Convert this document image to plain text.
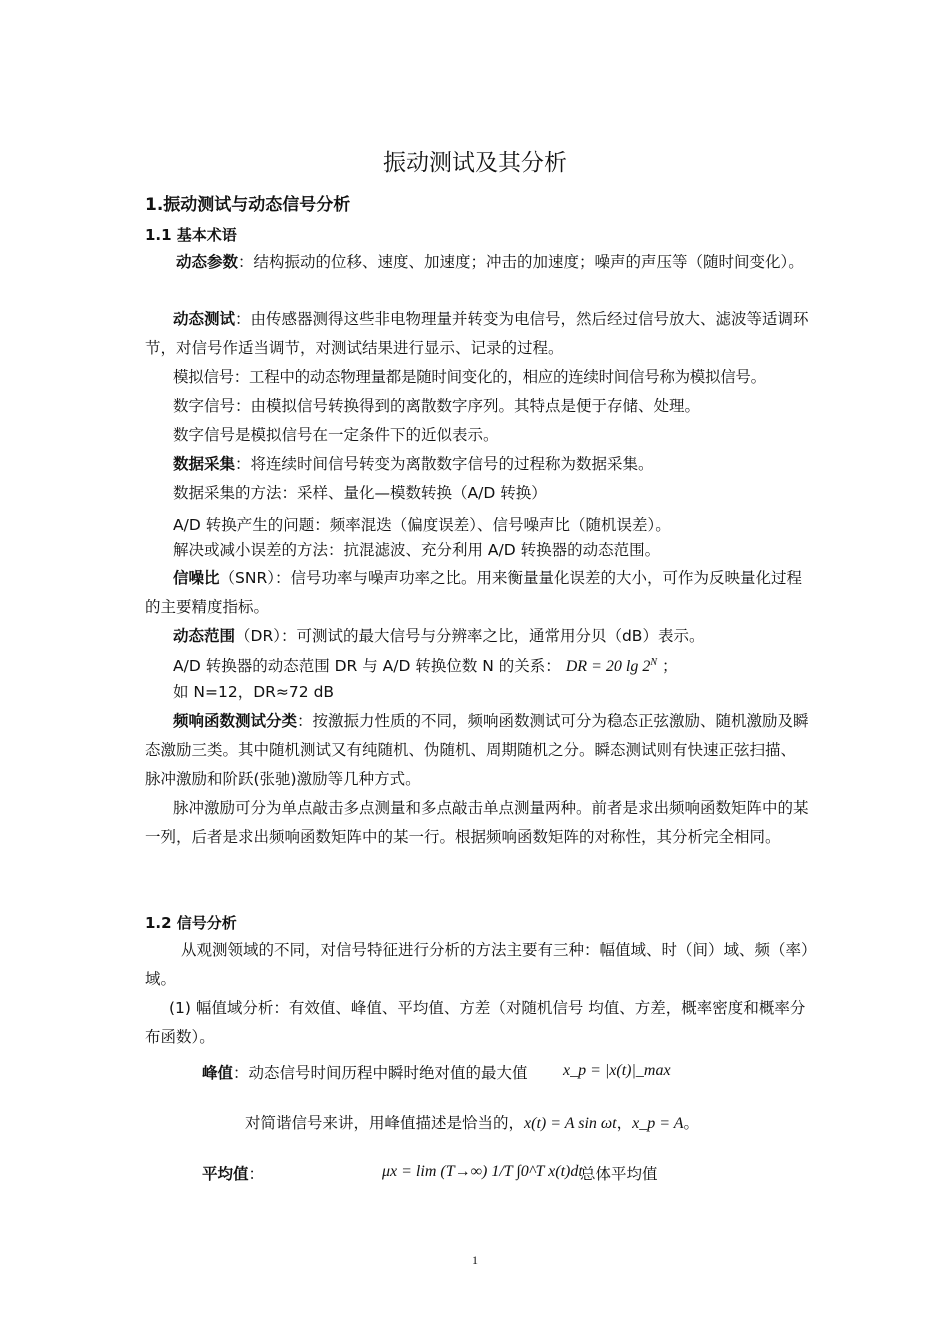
振动测试及其分析
1.振动测试与动态信号分析
1.1 基本术语

动态参数：结构振动的位移、速度、加速度；冲击的加速度；噪声的声压等（随时间变化）。

动态测试：由传感器测得这些非电物理量并转变为电信号，然后经过信号放大、滤波等适调环节，对信号作适当调节，对测试结果进行显示、记录的过程。

模拟信号：工程中的动态物理量都是随时间变化的，相应的连续时间信号称为模拟信号。
数字信号：由模拟信号转换得到的离散数字序列。其特点是便于存储、处理。
数字信号是模拟信号在一定条件下的近似表示。
数据采集：将连续时间信号转变为离散数字信号的过程称为数据采集。
数据采集的方法：采样、量化—模数转换（A/D 转换）
A/D 转换产生的问题：频率混迭（偏度误差）、信号噪声比（随机误差）。
解决或减小误差的方法：抗混滤波、充分利用 A/D 转换器的动态范围。

信噪比（SNR）：信号功率与噪声功率之比。用来衡量量化误差的大小，可作为反映量化过程的主要精度指标。

动态范围（DR）：可测试的最大信号与分辨率之比，通常用分贝（dB）表示。
A/D 转换器的动态范围 DR 与 A/D 转换位数 N 的关系： DR = 20 $\lg 2^N$ ；
如 N=12，DR≈72 dB

频响函数测试分类：按激振力性质的不同，频响函数测试可分为稳态正弦激励、随机激励及瞬态激励三类。其中随机测试又有纯随机、伪随机、周期随机之分。瞬态测试则有快速正弦扫描、脉冲激励和阶跃(张驰)激励等几种方式。

脉冲激励可分为单点敲击多点测量和多点敲击单点测量两种。前者是求出频响函数矩阵中的某一列，后者是求出频响函数矩阵中的某一行。根据频响函数矩阵的对称性，其分析完全相同。

1.2 信号分析

从观测领域的不同，对信号特征进行分析的方法主要有三种：幅值域、时（间）域、频（率）域。

(1) 幅值域分析：有效值、峰值、平均值、方差（对随机信号 均值、方差，概率密度和概率分布函数）。

峰值：动态信号时间历程中瞬时绝对值的最大值	x_p = |x(t)|_max
对简谐信号来讲，用峰值描述是恰当的，x(t) = A sin ωt，x_p = A。
平均值：	μx = lim (T→∞) 1/T ∫0^T x(t)dt
总体平均值
1
